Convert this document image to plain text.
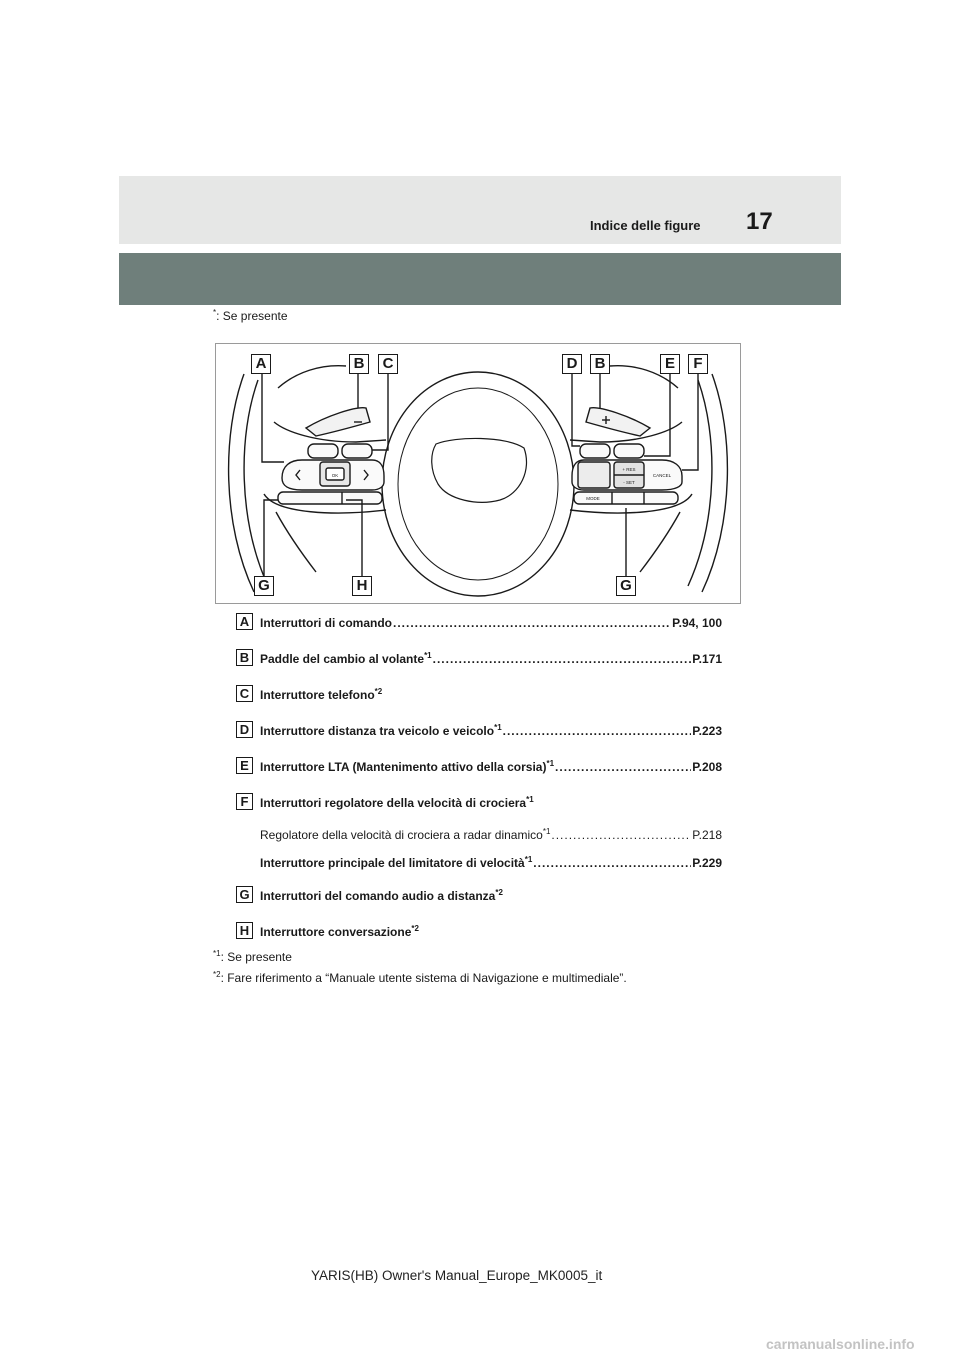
Indice delle figure 17
*: Se presente
OK	CANCEL
MODE
+ RES
- SET
A	B	C	D	B	E	F
G	H	G
A Interruttori di comando .....	P.94, 100
B Paddle del cambio al volante$^{*1}$ .....	P.171
C Interruttore telefono$^{*2}$
D Interruttore distanza tra veicolo e veicolo$^{*1}$ .....	P.223
E Interruttore LTA (Mantenimento attivo della corsia)$^{*1}$ .....	P.208
F Interruttori regolatore della velocità di crociera$^{*1}$
Regolatore della velocità di crociera a radar dinamico$^{*1}$ .....	P.218
Interruttore principale del limitatore di velocità$^{*1}$ .....	P.229
G Interruttori del comando audio a distanza$^{*2}$
H Interruttore conversazione$^{*2}$
$^{*1}$: Se presente
$^{*2}$: Fare riferimento a “Manuale utente sistema di Navigazione e multimediale”.
YARIS(HB) Owner's Manual_Europe_MK0005_it
carmanualsonline.info
